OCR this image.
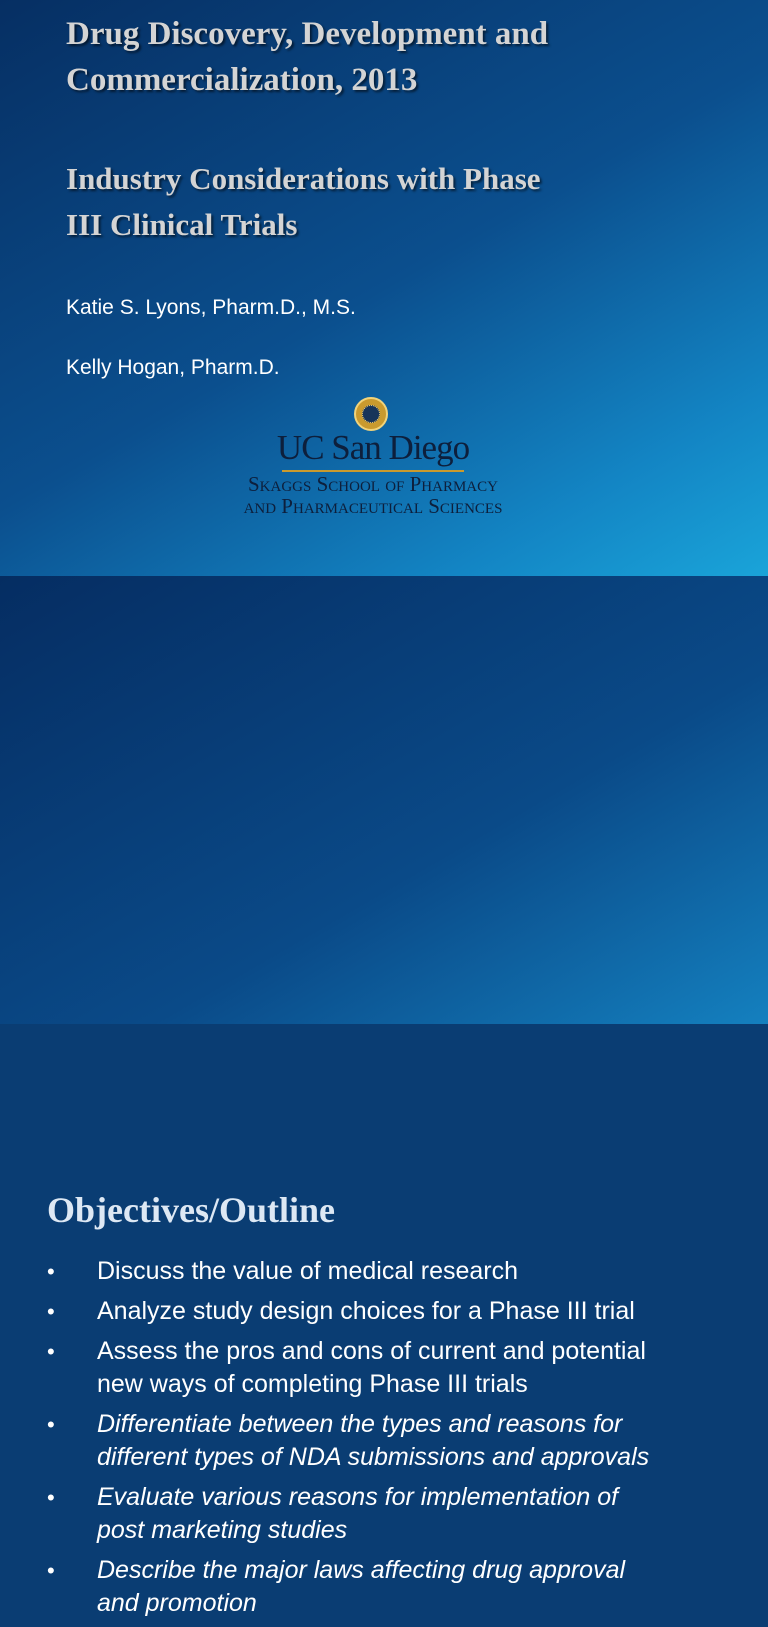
Drug Discovery, Development and
Commercialization, 2013
Industry Considerations with Phase
III Clinical Trials

Katie S. Lyons, Pharm.D., M.S.

Kelly Hogan, Pharm.D.

UC San Diego

Skaggs School of Pharmacy

and Pharmaceutical Sciences

Objectives/Outline
• Discuss the value of medical research
• Analyze study design choices for a Phase III trial
• Assess the pros and cons of current and potential
new ways of completing Phase III trials
• Differentiate between the types and reasons for
different types of NDA submissions and approvals
• Evaluate various reasons for implementation of
post marketing studies
• Describe the major laws affecting drug approval
and promotion
